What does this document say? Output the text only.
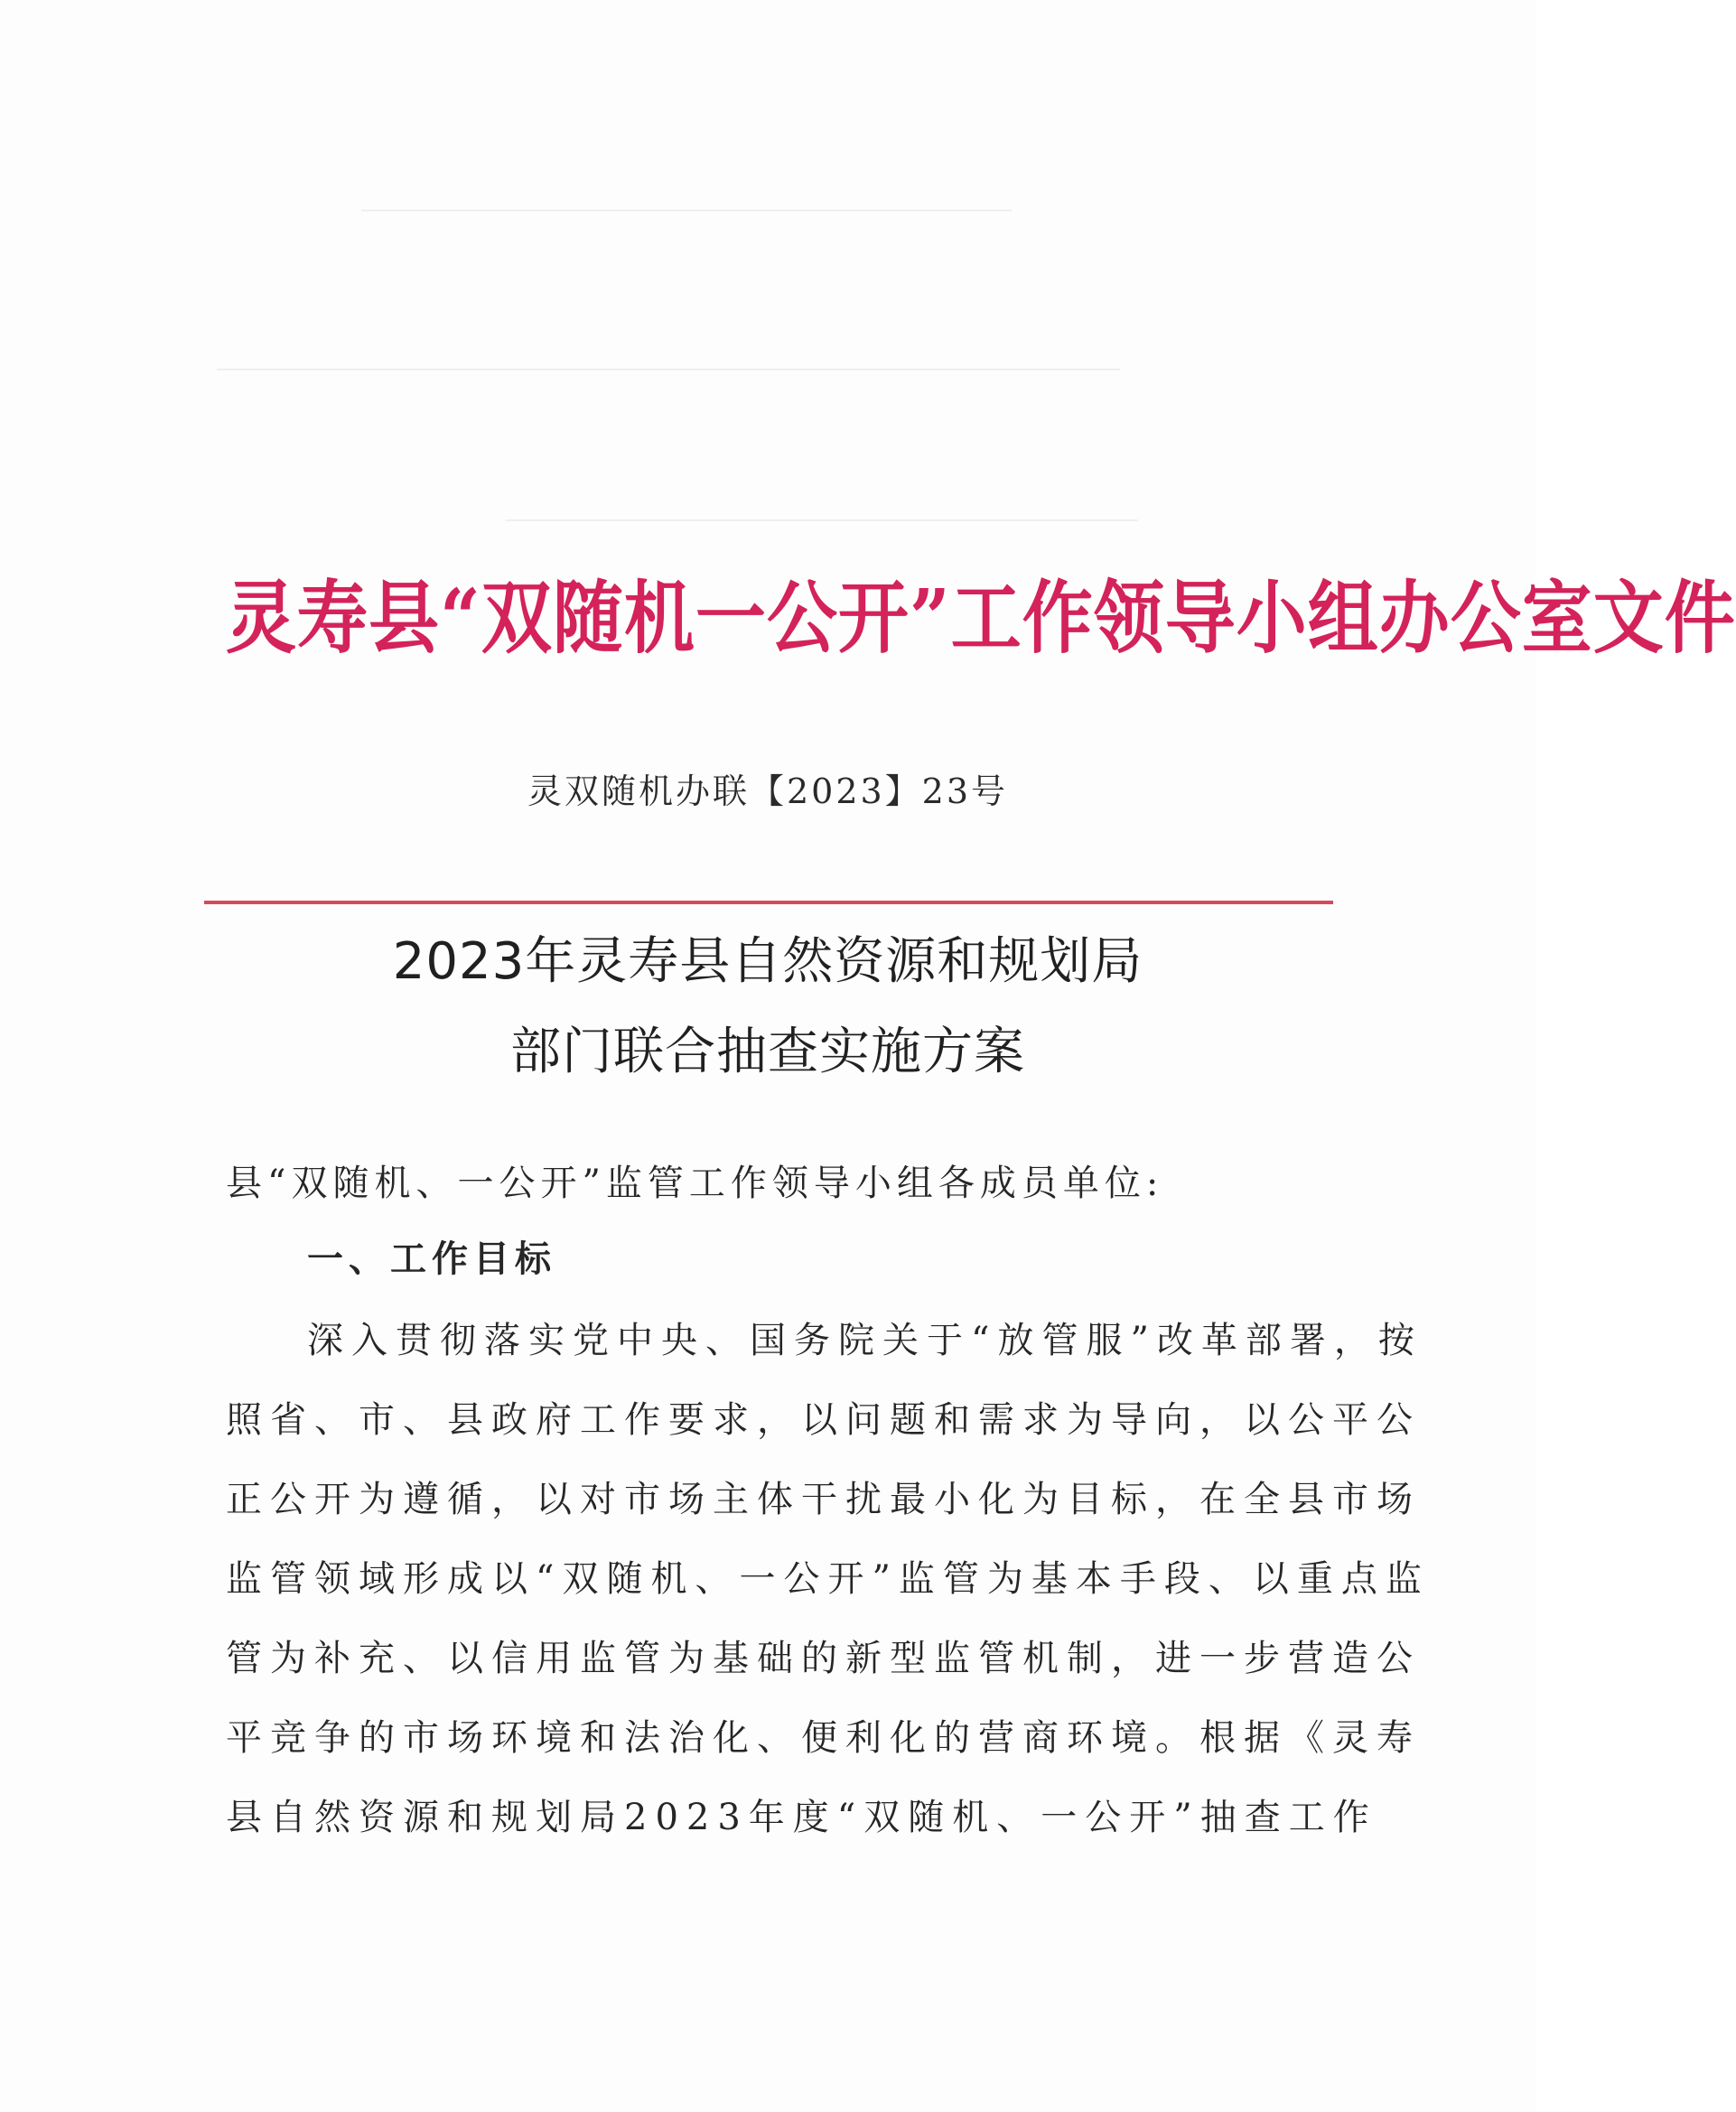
灵寿县“双随机一公开”工作领导小组办公室文件
灵双随机办联【2023】23号
2023年灵寿县自然资源和规划局
部门联合抽查实施方案
县“双随机、一公开”监管工作领导小组各成员单位:
一、工作目标
深入贯彻落实党中央、国务院关于“放管服”改革部署，按
照省、市、县政府工作要求，以问题和需求为导向，以公平公
正公开为遵循，以对市场主体干扰最小化为目标，在全县市场
监管领域形成以“双随机、一公开”监管为基本手段、以重点监
管为补充、以信用监管为基础的新型监管机制，进一步营造公
平竞争的市场环境和法治化、便利化的营商环境。根据《灵寿
县自然资源和规划局2023年度“双随机、一公开”抽查工作
